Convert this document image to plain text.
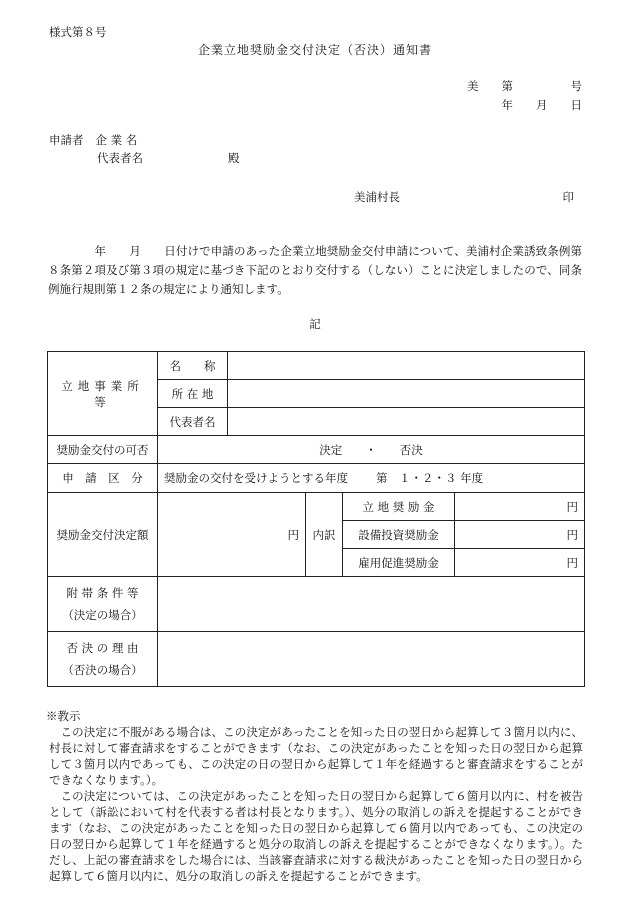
様式第８号
企業立地奨励金交付決定（否決）通知書
美　　第　　　　　号
年　　月　　日
申請者 企 業 名
代表者名	殿
美浦村長	印
　　　　年　　月　　日付けで申請のあった企業立地奨励金交付申請について、美浦村企業誘致条例第８条第２項及び第３項の規定に基づき下記のとおり交付する（しない）ことに決定しましたので、同条例施行規則第１２条の規定により通知します。
記
立地事業所等	名　　称				
	所 在 地				
	代表者名				
奨励金交付の可否	決定　　・　　否決				
申　請　区　分	奨励金の交付を受けようとする年度 第　１・２・３ 年度				
奨励金交付決定額	円		内訳	立 地 奨 励 金	円
				設備投資奨励金	円
				雇用促進奨励金	円

附 帯 条 件 等
（決定の場合）					

否 決 の 理 由
（否決の場合）					

※教示

この決定に不服がある場合は、この決定があったことを知った日の翌日から起算して３箇月以内に、村長に対して審査請求をすることができます（なお、この決定があったことを知った日の翌日から起算して３箇月以内であっても、この決定の日の翌日から起算して１年を経過すると審査請求をすることができなくなります。）。

この決定については、この決定があったことを知った日の翌日から起算して６箇月以内に、村を被告として（訴訟において村を代表する者は村長となります。）、処分の取消しの訴えを提起することができます（なお、この決定があったことを知った日の翌日から起算して６箇月以内であっても、この決定の日の翌日から起算して１年を経過すると処分の取消しの訴えを提起することができなくなります。）。ただし、上記の審査請求をした場合には、当該審査請求に対する裁決があったことを知った日の翌日から起算して６箇月以内に、処分の取消しの訴えを提起することができます。
